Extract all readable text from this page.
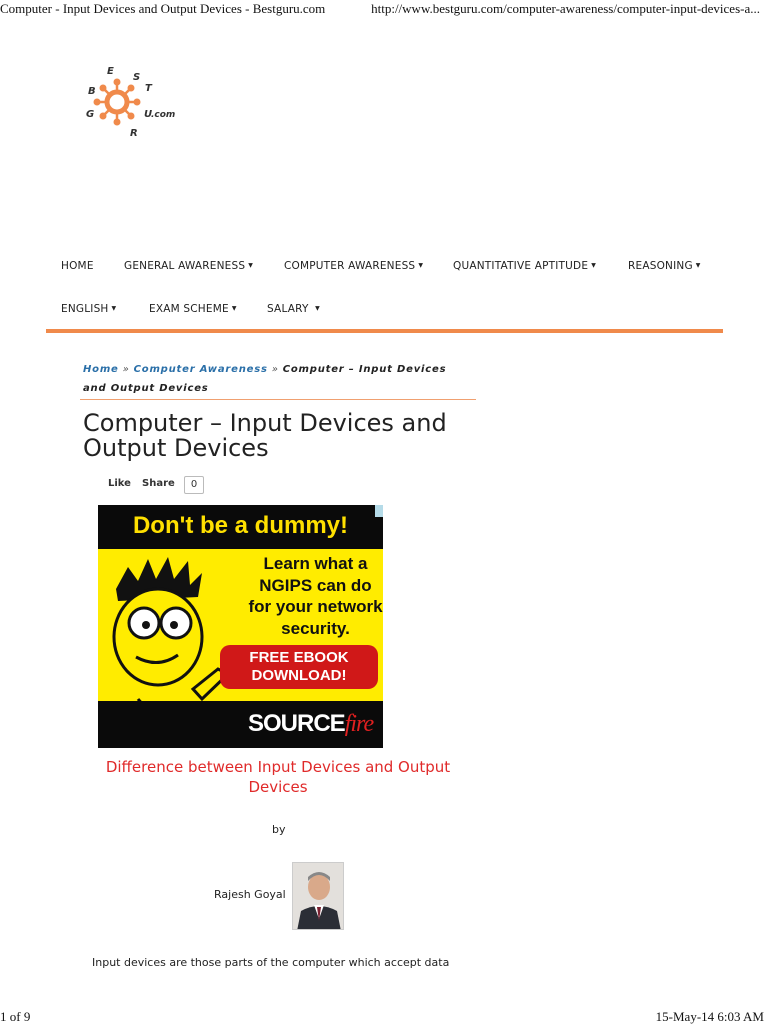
Computer - Input Devices and Output Devices - Bestguru.com	http://www.bestguru.com/computer-awareness/computer-input-devices-a...
E
S
B	T
G	U
R
.com
HOME	GENERAL AWARENESS ▼	COMPUTER AWARENESS ▼	QUANTITATIVE APTITUDE ▼	REASONING ▼
ENGLISH ▼	EXAM SCHEME ▼	SALARY ▼
Home » Computer Awareness » Computer – Input Devices and Output Devices
Computer – Input Devices and Output Devices
Like Share	0
Don't be a dummy!
Learn what a NGIPS can do for your network security.
FREE EBOOK DOWNLOAD!
SOURCEfire
Difference between Input Devices and Output Devices
by
Rajesh Goyal
Input devices are those parts of the computer which accept data
1 of 9	15-May-14 6:03 AM
